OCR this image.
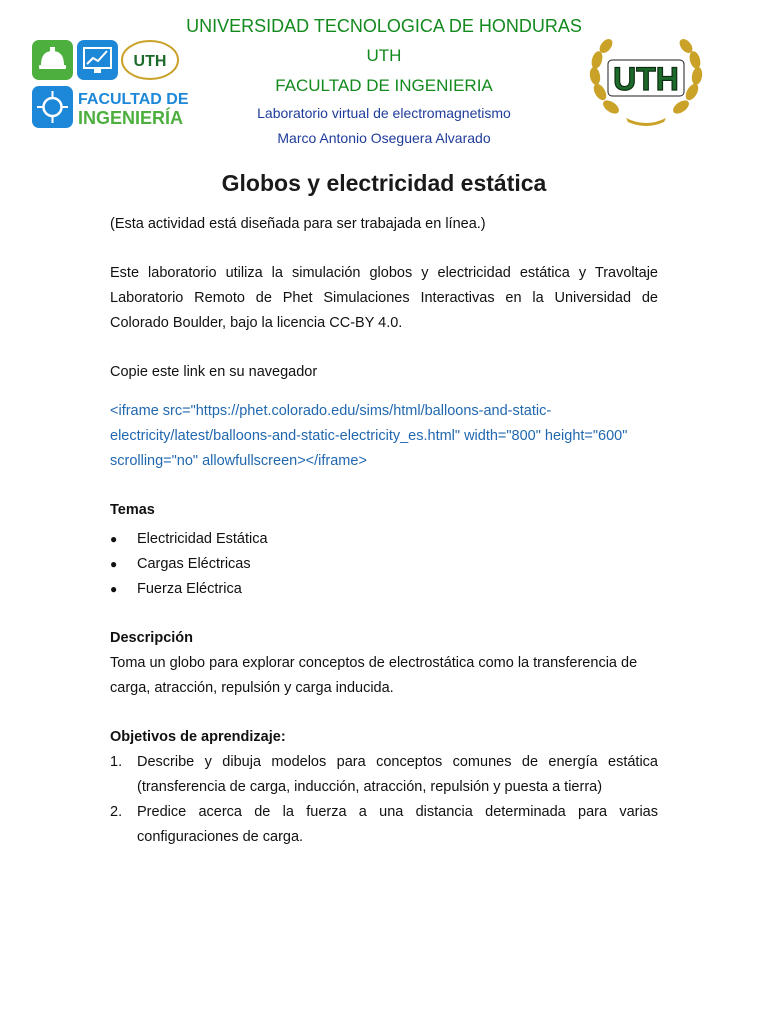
UNIVERSIDAD TECNOLOGICA DE HONDURAS
UTH
FACULTAD DE INGENIERIA
Laboratorio virtual de electromagnetismo
Marco Antonio Oseguera Alvarado
UTH
FACULTAD DE
INGENIERÍA
UTH
Globos y electricidad estática

(Esta actividad está diseñada para ser trabajada en línea.)

Este laboratorio utiliza la simulación globos y electricidad estática y Travoltaje Laboratorio Remoto de Phet Simulaciones Interactivas en la Universidad de Colorado Boulder, bajo la licencia CC-BY 4.0.

Copie este link en su navegador

<iframe src="https://phet.colorado.edu/sims/html/balloons-and-static-electricity/latest/balloons-and-static-electricity_es.html" width="800" height="600" scrolling="no" allowfullscreen></iframe>

Temas
● Electricidad Estática
● Cargas Eléctricas
● Fuerza Eléctrica
Descripción

Toma un globo para explorar conceptos de electrostática como la transferencia de carga, atracción, repulsión y carga inducida.

Objetivos de aprendizaje:
1. Describe y dibuja modelos para conceptos comunes de energía estática (transferencia de carga, inducción, atracción, repulsión y puesta a tierra)
2. Predice acerca de la fuerza a una distancia determinada para varias configuraciones de carga.
